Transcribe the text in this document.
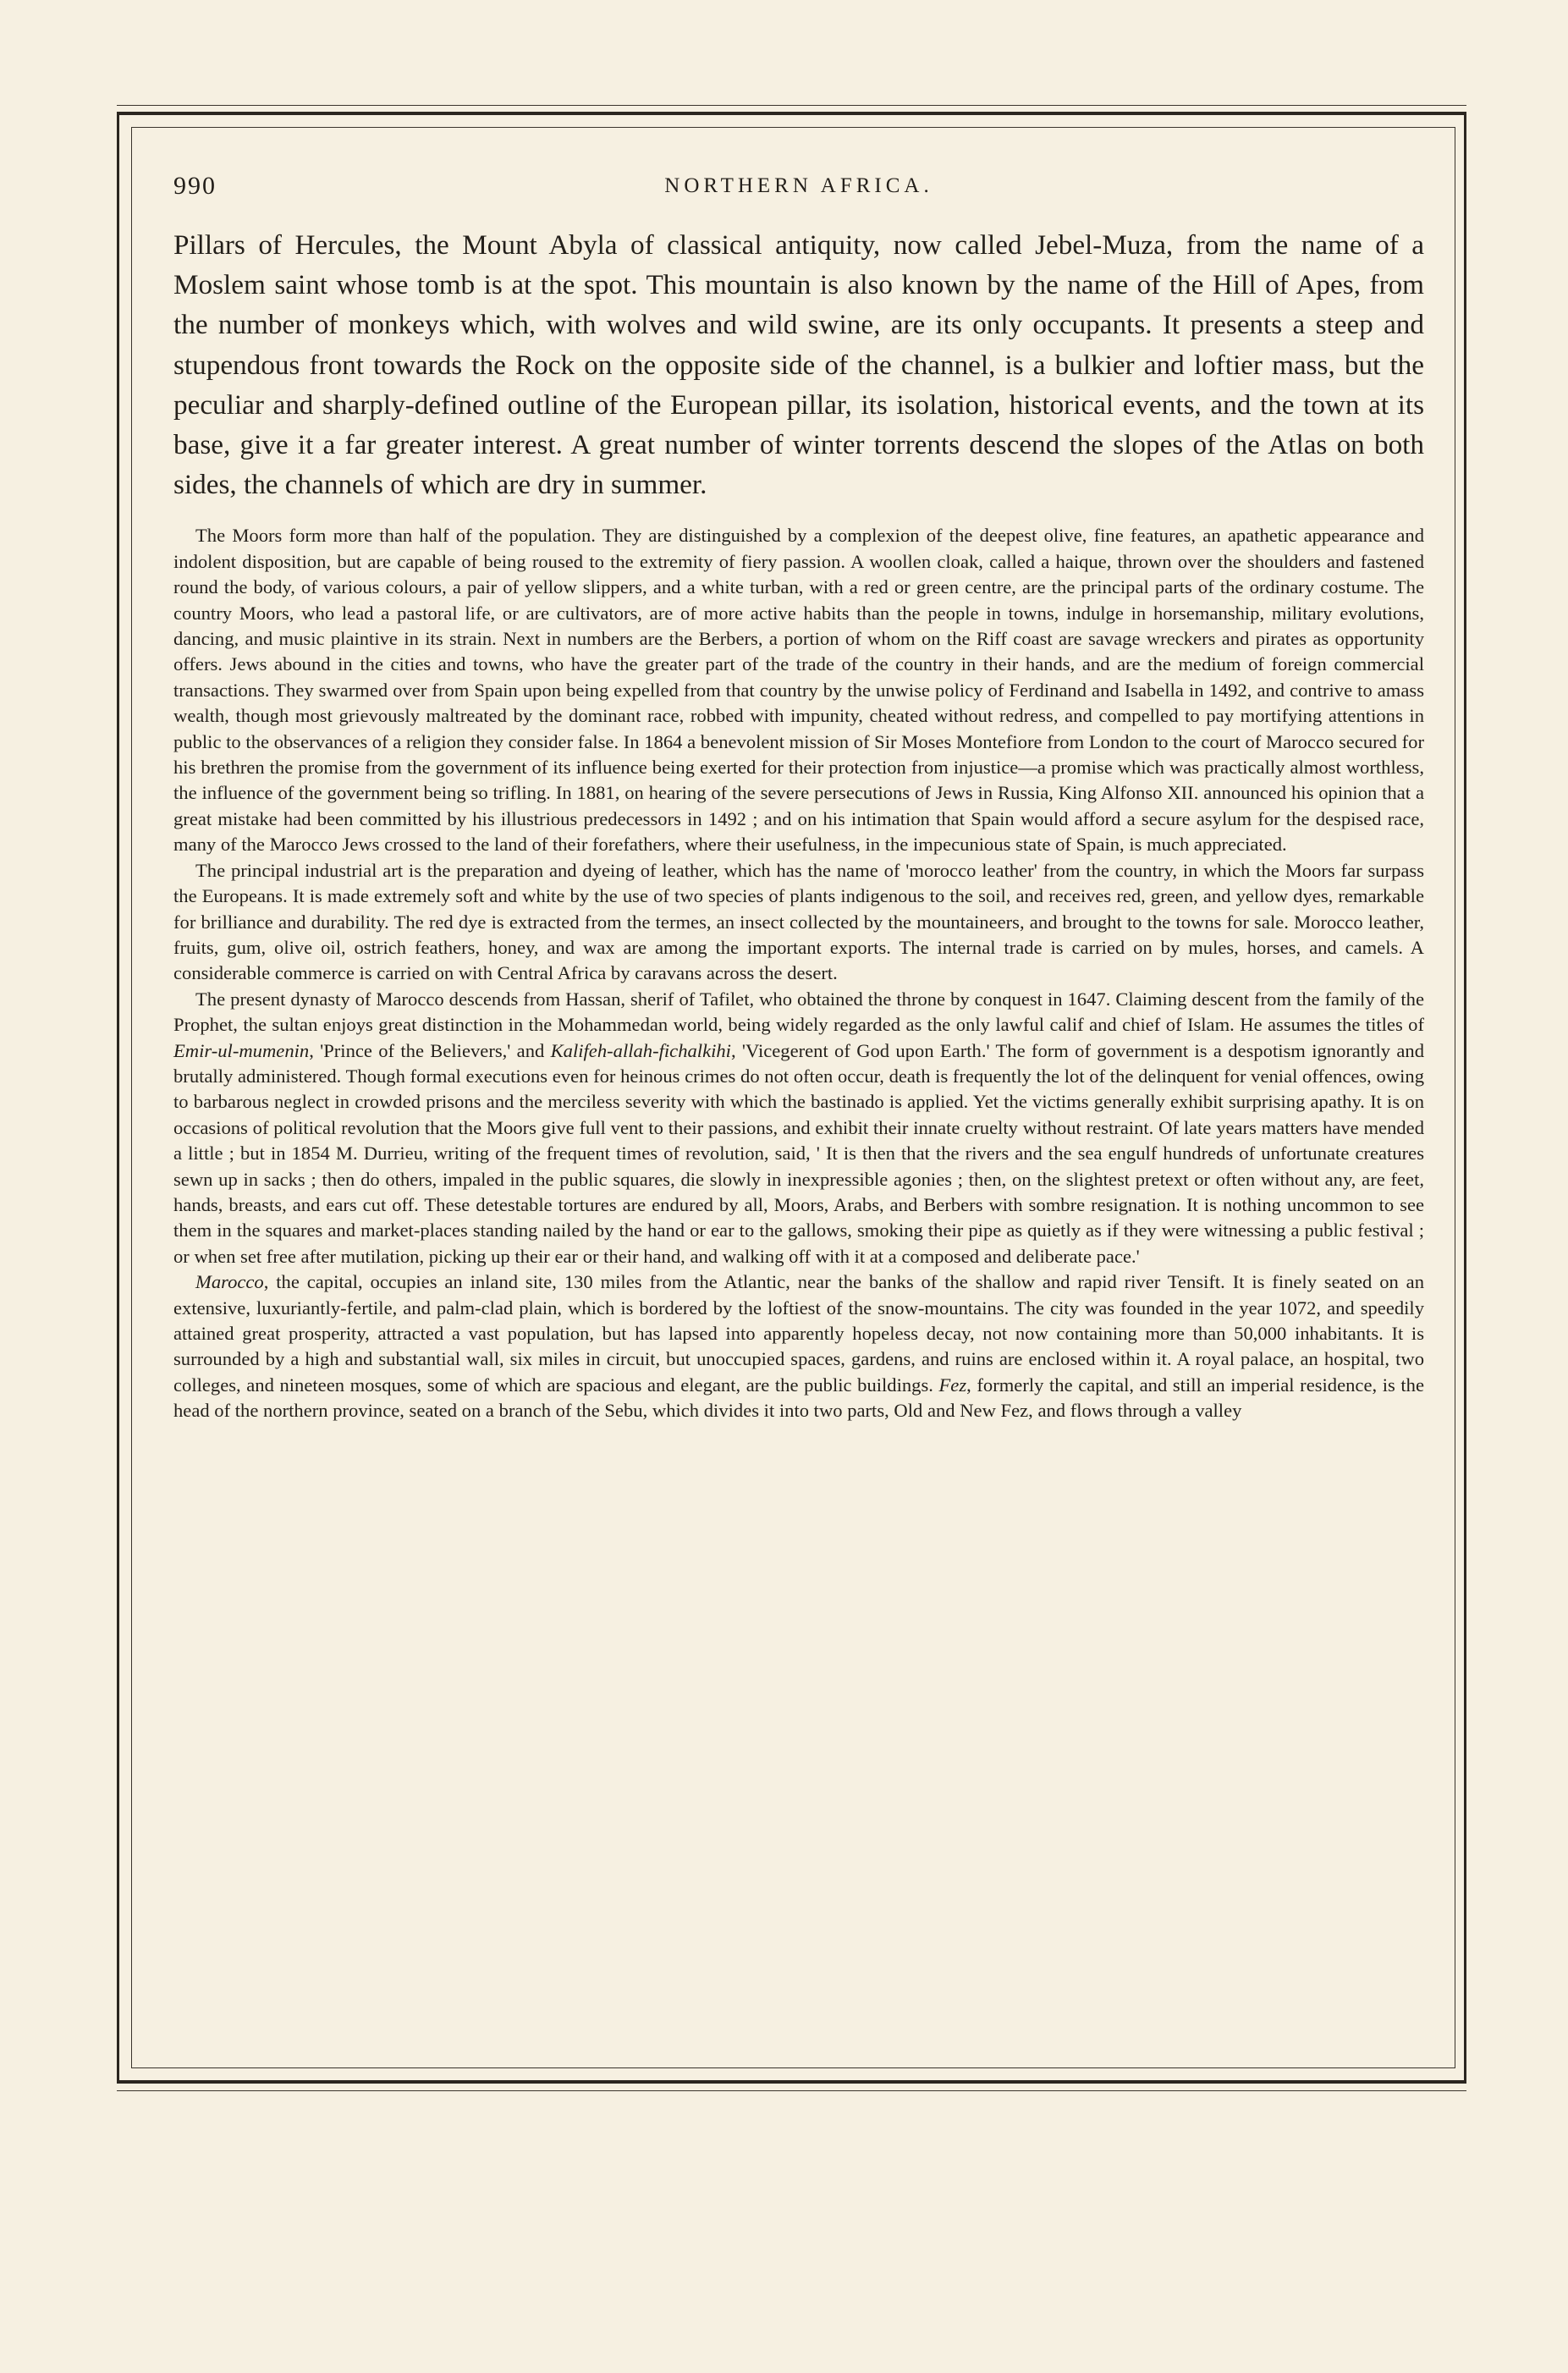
990	NORTHERN AFRICA.

Pillars of Hercules, the Mount Abyla of classical antiquity, now called Jebel-Muza, from the name of a Moslem saint whose tomb is at the spot. This mountain is also known by the name of the Hill of Apes, from the number of monkeys which, with wolves and wild swine, are its only occupants. It presents a steep and stupendous front towards the Rock on the opposite side of the channel, is a bulkier and loftier mass, but the peculiar and sharply-defined outline of the European pillar, its isolation, historical events, and the town at its base, give it a far greater interest. A great number of winter torrents descend the slopes of the Atlas on both sides, the channels of which are dry in summer.

The Moors form more than half of the population. They are distinguished by a complexion of the deepest olive, fine features, an apathetic appearance and indolent disposition, but are capable of being roused to the extremity of fiery passion. A woollen cloak, called a haique, thrown over the shoulders and fastened round the body, of various colours, a pair of yellow slippers, and a white turban, with a red or green centre, are the principal parts of the ordinary costume. The country Moors, who lead a pastoral life, or are cultivators, are of more active habits than the people in towns, indulge in horsemanship, military evolutions, dancing, and music plaintive in its strain. Next in numbers are the Berbers, a portion of whom on the Riff coast are savage wreckers and pirates as opportunity offers. Jews abound in the cities and towns, who have the greater part of the trade of the country in their hands, and are the medium of foreign commercial transactions. They swarmed over from Spain upon being expelled from that country by the unwise policy of Ferdinand and Isabella in 1492, and contrive to amass wealth, though most grievously maltreated by the dominant race, robbed with impunity, cheated without redress, and compelled to pay mortifying attentions in public to the observances of a religion they consider false. In 1864 a benevolent mission of Sir Moses Montefiore from London to the court of Marocco secured for his brethren the promise from the government of its influence being exerted for their protection from injustice—a promise which was practically almost worthless, the influence of the government being so trifling. In 1881, on hearing of the severe persecutions of Jews in Russia, King Alfonso XII. announced his opinion that a great mistake had been committed by his illustrious predecessors in 1492 ; and on his intimation that Spain would afford a secure asylum for the despised race, many of the Marocco Jews crossed to the land of their forefathers, where their usefulness, in the impecunious state of Spain, is much appreciated.

The principal industrial art is the preparation and dyeing of leather, which has the name of 'morocco leather' from the country, in which the Moors far surpass the Europeans. It is made extremely soft and white by the use of two species of plants indigenous to the soil, and receives red, green, and yellow dyes, remarkable for brilliance and durability. The red dye is extracted from the termes, an insect collected by the mountaineers, and brought to the towns for sale. Morocco leather, fruits, gum, olive oil, ostrich feathers, honey, and wax are among the important exports. The internal trade is carried on by mules, horses, and camels. A considerable commerce is carried on with Central Africa by caravans across the desert.

The present dynasty of Marocco descends from Hassan, sherif of Tafilet, who obtained the throne by conquest in 1647. Claiming descent from the family of the Prophet, the sultan enjoys great distinction in the Mohammedan world, being widely regarded as the only lawful calif and chief of Islam. He assumes the titles of Emir-ul-mumenin, 'Prince of the Believers,' and Kalifeh-allah-fichalkihi, 'Vicegerent of God upon Earth.' The form of government is a despotism ignorantly and brutally administered. Though formal executions even for heinous crimes do not often occur, death is frequently the lot of the delinquent for venial offences, owing to barbarous neglect in crowded prisons and the merciless severity with which the bastinado is applied. Yet the victims generally exhibit surprising apathy. It is on occasions of political revolution that the Moors give full vent to their passions, and exhibit their innate cruelty without restraint. Of late years matters have mended a little ; but in 1854 M. Durrieu, writing of the frequent times of revolution, said, ' It is then that the rivers and the sea engulf hundreds of unfortunate creatures sewn up in sacks ; then do others, impaled in the public squares, die slowly in inexpressible agonies ; then, on the slightest pretext or often without any, are feet, hands, breasts, and ears cut off. These detestable tortures are endured by all, Moors, Arabs, and Berbers with sombre resignation. It is nothing uncommon to see them in the squares and market-places standing nailed by the hand or ear to the gallows, smoking their pipe as quietly as if they were witnessing a public festival ; or when set free after mutilation, picking up their ear or their hand, and walking off with it at a composed and deliberate pace.'

Marocco, the capital, occupies an inland site, 130 miles from the Atlantic, near the banks of the shallow and rapid river Tensift. It is finely seated on an extensive, luxuriantly-fertile, and palm-clad plain, which is bordered by the loftiest of the snow-mountains. The city was founded in the year 1072, and speedily attained great prosperity, attracted a vast population, but has lapsed into apparently hopeless decay, not now containing more than 50,000 inhabitants. It is surrounded by a high and substantial wall, six miles in circuit, but unoccupied spaces, gardens, and ruins are enclosed within it. A royal palace, an hospital, two colleges, and nineteen mosques, some of which are spacious and elegant, are the public buildings. Fez, formerly the capital, and still an imperial residence, is the head of the northern province, seated on a branch of the Sebu, which divides it into two parts, Old and New Fez, and flows through a valley
